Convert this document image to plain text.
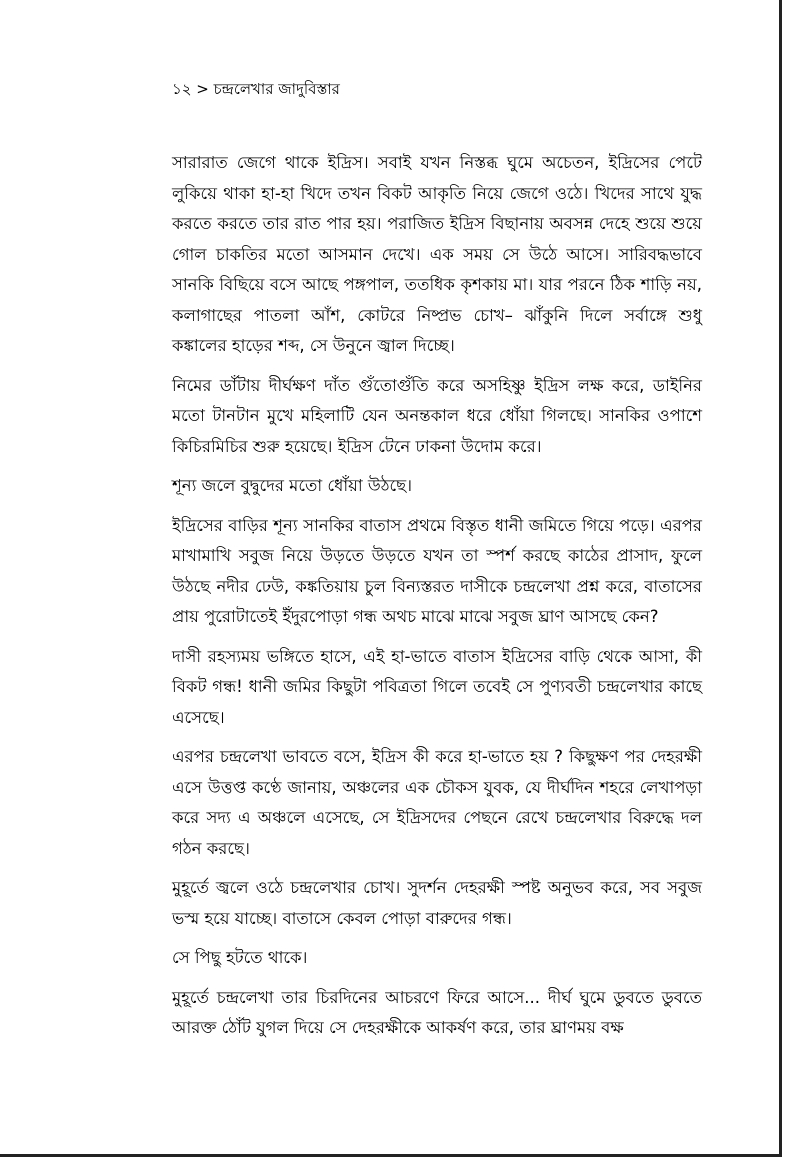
১২ > চন্দ্রলেখার জাদুবিস্তার

সারারাত জেগে থাকে ইদ্রিস। সবাই যখন নিস্তব্ধ ঘুমে অচেতন, ইদ্রিসের পেটে লুকিয়ে থাকা হা-হা খিদে তখন বিকট আকৃতি নিয়ে জেগে ওঠে। খিদের সাথে যুদ্ধ করতে করতে তার রাত পার হয়। পরাজিত ইদ্রিস বিছানায় অবসন্ন দেহে শুয়ে শুয়ে গোল চাকতির মতো আসমান দেখে। এক সময় সে উঠে আসে। সারিবদ্ধভাবে সানকি বিছিয়ে বসে আছে পঙ্গপাল, ততধিক কৃশকায় মা। যার পরনে ঠিক শাড়ি নয়, কলাগাছের পাতলা আঁশ, কোটরে নিষ্প্রভ চোখ– ঝাঁকুনি দিলে সর্বাঙ্গে শুধু কঙ্কালের হাড়ের শব্দ, সে উনুনে জ্বাল দিচ্ছে।

নিমের ডাঁটায় দীর্ঘক্ষণ দাঁত গুঁতোগুঁতি করে অসহিষ্ণু ইদ্রিস লক্ষ করে, ডাইনির মতো টানটান মুখে মহিলাটি যেন অনন্তকাল ধরে ধোঁয়া গিলছে। সানকির ওপাশে কিচিরমিচির শুরু হয়েছে। ইদ্রিস টেনে ঢাকনা উদোম করে।

শূন্য জলে বুদ্বুদের মতো ধোঁয়া উঠছে।

ইদ্রিসের বাড়ির শূন্য সানকির বাতাস প্রথমে বিস্তৃত ধানী জমিতে গিয়ে পড়ে। এরপর মাখামাখি সবুজ নিয়ে উড়তে উড়তে যখন তা স্পর্শ করছে কাঠের প্রাসাদ, ফুলে উঠছে নদীর ঢেউ, কঙ্কতিয়ায় চুল বিন্যস্তরত দাসীকে চন্দ্রলেখা প্রশ্ন করে, বাতাসের প্রায় পুরোটাতেই ইঁদুরপোড়া গন্ধ অথচ মাঝে মাঝে সবুজ ঘ্রাণ আসছে কেন?

দাসী রহস্যময় ভঙ্গিতে হাসে, এই হা-ভাতে বাতাস ইদ্রিসের বাড়ি থেকে আসা, কী বিকট গন্ধ! ধানী জমির কিছুটা পবিত্রতা গিলে তবেই সে পুণ্যবতী চন্দ্রলেখার কাছে এসেছে।

এরপর চন্দ্রলেখা ভাবতে বসে, ইদ্রিস কী করে হা-ভাতে হয় ? কিছুক্ষণ পর দেহরক্ষী এসে উত্তপ্ত কণ্ঠে জানায়, অঞ্চলের এক চৌকস যুবক, যে দীর্ঘদিন শহরে লেখাপড়া করে সদ্য এ অঞ্চলে এসেছে, সে ইদ্রিসদের পেছনে রেখে চন্দ্রলেখার বিরুদ্ধে দল গঠন করছে।

মুহূর্তে জ্বলে ওঠে চন্দ্রলেখার চোখ। সুদর্শন দেহরক্ষী স্পষ্ট অনুভব করে, সব সবুজ ভস্ম হয়ে যাচ্ছে। বাতাসে কেবল পোড়া বারুদের গন্ধ।

সে পিছু হটতে থাকে।

মুহূর্তে চন্দ্রলেখা তার চিরদিনের আচরণে ফিরে আসে... দীর্ঘ ঘুমে ডুবতে ডুবতে আরক্ত ঠোঁট যুগল দিয়ে সে দেহরক্ষীকে আকর্ষণ করে, তার ঘ্রাণময় বক্ষ
